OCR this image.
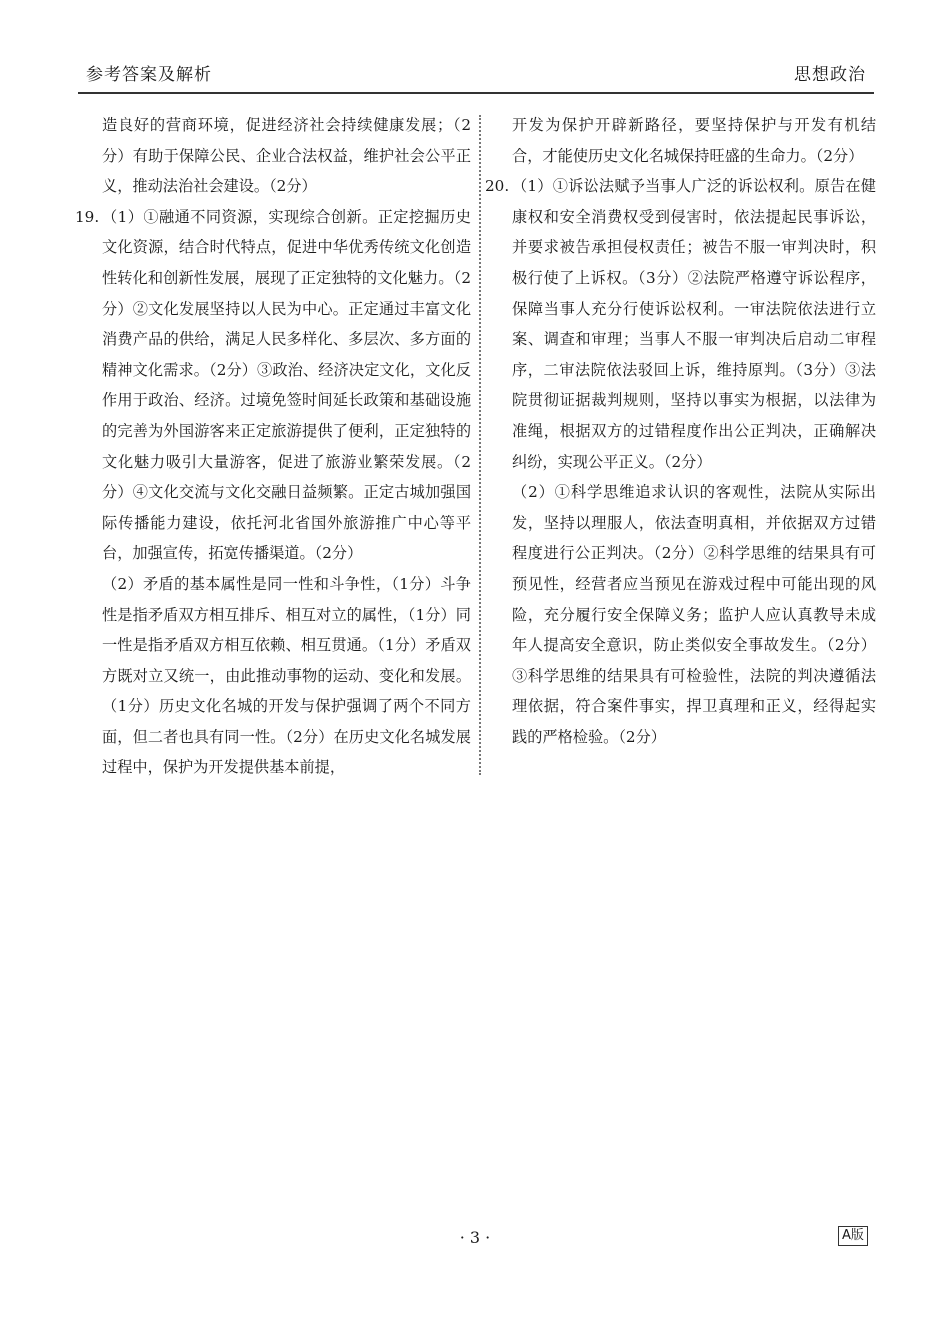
参考答案及解析	思想政治

造良好的营商环境，促进经济社会持续健康发展；（2分）有助于保障公民、企业合法权益，维护社会公平正义，推动法治社会建设。（2分）

19. （1）①融通不同资源，实现综合创新。正定挖掘历史文化资源，结合时代特点，促进中华优秀传统文化创造性转化和创新性发展，展现了正定独特的文化魅力。（2分）②文化发展坚持以人民为中心。正定通过丰富文化消费产品的供给，满足人民多样化、多层次、多方面的精神文化需求。（2分）③政治、经济决定文化，文化反作用于政治、经济。过境免签时间延长政策和基础设施的完善为外国游客来正定旅游提供了便利，正定独特的文化魅力吸引大量游客，促进了旅游业繁荣发展。（2分）④文化交流与文化交融日益频繁。正定古城加强国际传播能力建设，依托河北省国外旅游推广中心等平台，加强宣传，拓宽传播渠道。（2分）

（2）矛盾的基本属性是同一性和斗争性，（1分）斗争性是指矛盾双方相互排斥、相互对立的属性，（1分）同一性是指矛盾双方相互依赖、相互贯通。（1分）矛盾双方既对立又统一，由此推动事物的运动、变化和发展。（1分）历史文化名城的开发与保护强调了两个不同方面，但二者也具有同一性。（2分）在历史文化名城发展过程中，保护为开发提供基本前提，

开发为保护开辟新路径，要坚持保护与开发有机结合，才能使历史文化名城保持旺盛的生命力。（2分）

20. （1）①诉讼法赋予当事人广泛的诉讼权利。原告在健康权和安全消费权受到侵害时，依法提起民事诉讼，并要求被告承担侵权责任；被告不服一审判决时，积极行使了上诉权。（3分）②法院严格遵守诉讼程序，保障当事人充分行使诉讼权利。一审法院依法进行立案、调查和审理；当事人不服一审判决后启动二审程序，二审法院依法驳回上诉，维持原判。（3分）③法院贯彻证据裁判规则，坚持以事实为根据，以法律为准绳，根据双方的过错程度作出公正判决，正确解决纠纷，实现公平正义。（2分）

（2）①科学思维追求认识的客观性，法院从实际出发，坚持以理服人，依法查明真相，并依据双方过错程度进行公正判决。（2分）②科学思维的结果具有可预见性，经营者应当预见在游戏过程中可能出现的风险，充分履行安全保障义务；监护人应认真教导未成年人提高安全意识，防止类似安全事故发生。（2分）③科学思维的结果具有可检验性，法院的判决遵循法理依据，符合案件事实，捍卫真理和正义，经得起实践的严格检验。（2分）

· 3 ·	A版
